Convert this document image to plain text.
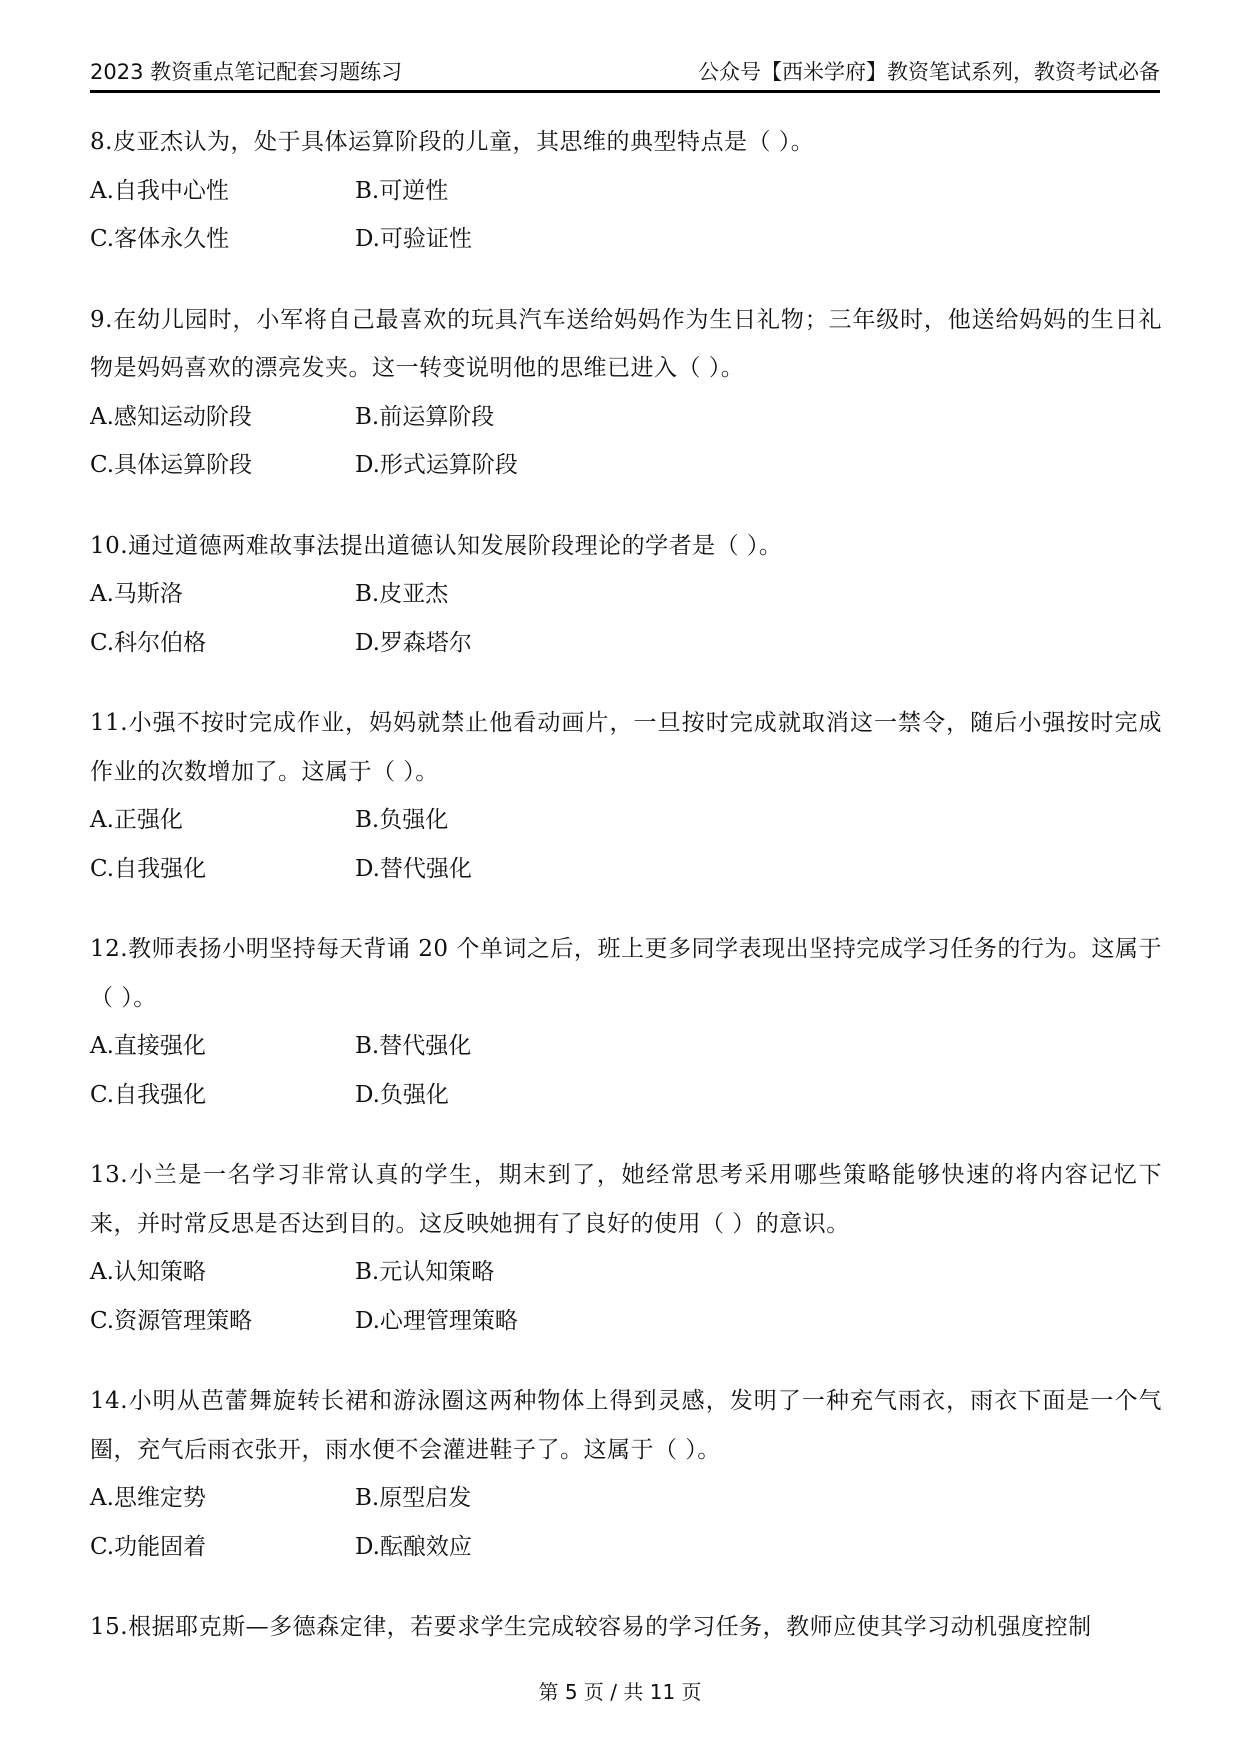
2023 教资重点笔记配套习题练习	公众号【西米学府】教资笔试系列，教资考试必备
8.皮亚杰认为，处于具体运算阶段的儿童，其思维的典型特点是（ ）。
A.自我中心性	B.可逆性
C.客体永久性	D.可验证性
9.在幼儿园时，小军将自己最喜欢的玩具汽车送给妈妈作为生日礼物；三年级时，他送给妈妈的生日礼物是妈妈喜欢的漂亮发夹。这一转变说明他的思维已进入（ ）。
A.感知运动阶段	B.前运算阶段
C.具体运算阶段	D.形式运算阶段
10.通过道德两难故事法提出道德认知发展阶段理论的学者是（ ）。
A.马斯洛	B.皮亚杰
C.科尔伯格	D.罗森塔尔
11.小强不按时完成作业，妈妈就禁止他看动画片，一旦按时完成就取消这一禁令，随后小强按时完成作业的次数增加了。这属于（ ）。
A.正强化	B.负强化
C.自我强化	D.替代强化
12.教师表扬小明坚持每天背诵 20 个单词之后，班上更多同学表现出坚持完成学习任务的行为。这属于（ ）。
A.直接强化	B.替代强化
C.自我强化	D.负强化
13.小兰是一名学习非常认真的学生，期末到了，她经常思考采用哪些策略能够快速的将内容记忆下来，并时常反思是否达到目的。这反映她拥有了良好的使用（ ）的意识。
A.认知策略	B.元认知策略
C.资源管理策略	D.心理管理策略
14.小明从芭蕾舞旋转长裙和游泳圈这两种物体上得到灵感，发明了一种充气雨衣，雨衣下面是一个气圈，充气后雨衣张开，雨水便不会灌进鞋子了。这属于（ ）。
A.思维定势	B.原型启发
C.功能固着	D.酝酿效应
15.根据耶克斯—多德森定律，若要求学生完成较容易的学习任务，教师应使其学习动机强度控制
第 5 页 / 共 11 页
